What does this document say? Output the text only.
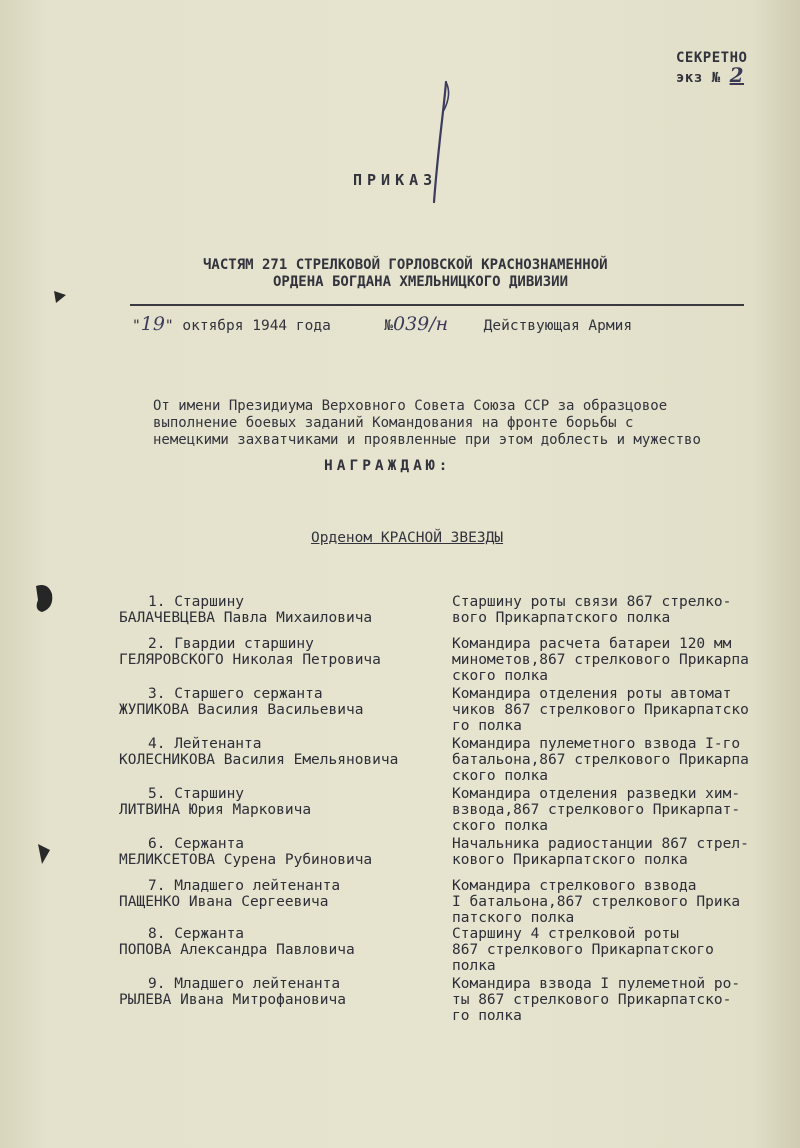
СЕКРЕТНО
экз № 2
ПРИКАЗ
ЧАСТЯМ 271 СТРЕЛКОВОЙ ГОРЛОВСКОЙ КРАСНОЗНАМЕННОЙ
ОРДЕНА БОГДАНА ХМЕЛЬНИЦКОГО ДИВИЗИИ
"19" октября 1944 года	№039/н Действующая Армия
От имени Президиума Верховного Совета Союза ССР за образцовое
выполнение боевых заданий Командования на фронте борьбы с
немецкими захватчиками и проявленные при этом доблесть и мужество
НАГРАЖДАЮ:
Орденом КРАСНОЙ ЗВЕЗДЫ
1. Старшину
БАЛАЧЕВЦЕВА Павла Михаиловича
Старшину роты связи 867 стрелко-
вого Прикарпатского полка
2. Гвардии старшину
ГЕЛЯРОВСКОГО Николая Петровича
Командира расчета батареи 120 мм
минометов,867 стрелкового Прикарпа
ского полка
3. Старшего сержанта
ЖУПИКОВА Василия Васильевича
Командира отделения роты автомат
чиков 867 стрелкового Прикарпатско
го полка
4. Лейтенанта
КОЛЕСНИКОВА Василия Емельяновича
Командира пулеметного взвода I-го
батальона,867 стрелкового Прикарпа
ского полка
5. Старшину
ЛИТВИНА Юрия Марковича
Командира отделения разведки хим-
взвода,867 стрелкового Прикарпат-
ского полка
6. Сержанта
МЕЛИКСЕТОВА Сурена Рубиновича
Начальника радиостанции 867 стрел-
кового Прикарпатского полка
7. Младшего лейтенанта
ПАЩЕНКО Ивана Сергеевича
Командира стрелкового взвода
I батальона,867 стрелкового Прика
патского полка
8. Сержанта
ПОПОВА Александра Павловича
Старшину 4 стрелковой роты
867 стрелкового Прикарпатского
полка
9. Младшего лейтенанта
РЫЛЕВА Ивана Митрофановича
Командира взвода I пулеметной ро-
ты 867 стрелкового Прикарпатско-
го полка
